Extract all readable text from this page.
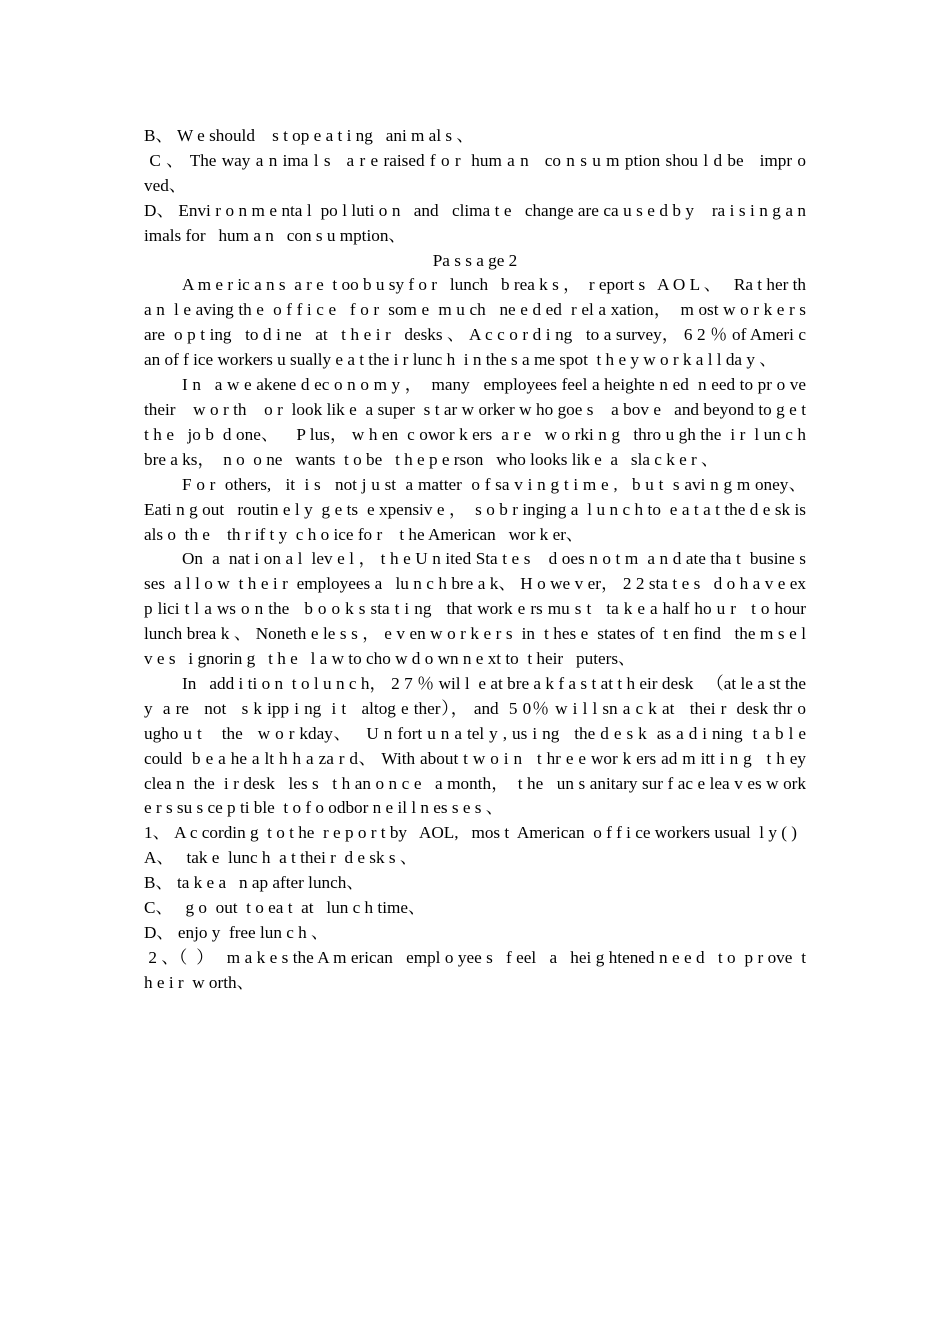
B、 W e should    s t op e a t i ng   ani m al s 、
C 、 The way a n ima l s   a r e raised f o r  hum a n   co n s u m ption shou l d be   impr o ved、
D、 Envi r o n m e nta l  po l luti o n   and   clima t e   change are ca u s e d b y    ra i s i n g a n imals for   hum a n   con s u mption、
Pa s s a ge 2
A m e r ic a n s  a r e  t oo b u sy f o r   lunch   b rea k s ，  r eport s   A O L 、   Ra t her th a n  l e aving th e  o f f i c e   f o r  som e  m u ch   ne e d ed  r el a xation，  m ost w o r k e r s  are  o p t ing   to d i ne   at   t h e i r   desks 、 A c c o r d i ng   to a survey， 6 2 ％ of Ameri c an of f ice workers u sually e a t the i r lunc h  i n the s a me spot  t h e y w o r k a l l da y 、
I n   a w e akene d ec o n o m y ，  many   employees feel a heighte n ed  n eed to pr o ve their    w o r th    o r  look lik e  a super  s t ar w orker w ho goe s    a bov e   and beyond to g e t t h e   jo b  d one、    P lus， w h en  c owor k ers  a r e   w o rki n g   thro u gh the  i r  l un c h   bre a ks，  n o  o ne   wants  t o be   t h e p e rson   who looks lik e  a   sla c k e r 、
F o r  others,   it  i s   not j u st  a matter  o f sa v i n g t i m e ,   b u t  s avi n g m oney、 Eati n g out   routin e l y  g e ts  e xpensiv e ，  s o b r inging a  l u n c h to  e a t a t the d e sk is als o  th e    th r if t y  c h o ice fo r    t he American   wor k er、
On  a  nat i on a l  lev e l ， t h e U n ited Sta t e s    d oes n o t m  a n d ate tha t  busine s ses  a l l o w  t h e i r  employees a   lu n c h bre a k、 H o we v er， 2 2 sta t e s   d o h a v e ex p lici t l a ws o n the   b o o k s sta t i ng   that work e rs mu s t   ta k e a half ho u r   t o hour lunch brea k 、 Noneth e le s s ， e v en w o r k e r s  in  t hes e  states of  t en find   the m s e l v e s   i gnorin g   t h e   l a w to cho w d o wn n e xt to  t heir   puters、
In   add i ti o n  t o l u n c h， 2 7 ％ wil l  e at bre a k f a s t at t h eir desk   （at le a st the y  a re   not   s k ipp i ng  i t   altog e ther）， and  5 0％ w i l l sn a c k at   thei r  desk thr o ugho u t    the   w o r kday、   U n fort u n a tel y , us i ng   the d e s k  as a d i ning  t a b l e could  b e a he a lt h h a za r d、 With about t w o i n   t hr e e wor k ers ad m itt i n g   t h ey   clea n  the  i r desk   les s   t h an o n c e   a month，  t he   un s anitary sur f ac e lea v es w ork e r s su s ce p ti ble  t o f o odbor n e il l n es s e s 、
1、 A c cordin g  t o t he  r e p o r t by   AOL,   mos t  American  o f f i ce workers usual  l y ( )
A、   tak e  lunc h  a t thei r  d e sk s 、
B、 ta k e a   n ap after lunch、
C、   g o  out  t o ea t  at   lun c h time、
D、 enjo y  free lun c h 、
2 、（  ）   m a k e s the A m erican   empl o yee s   f eel   a   hei g htened n e e d   t o  p r ove  t h e i r  w orth、
